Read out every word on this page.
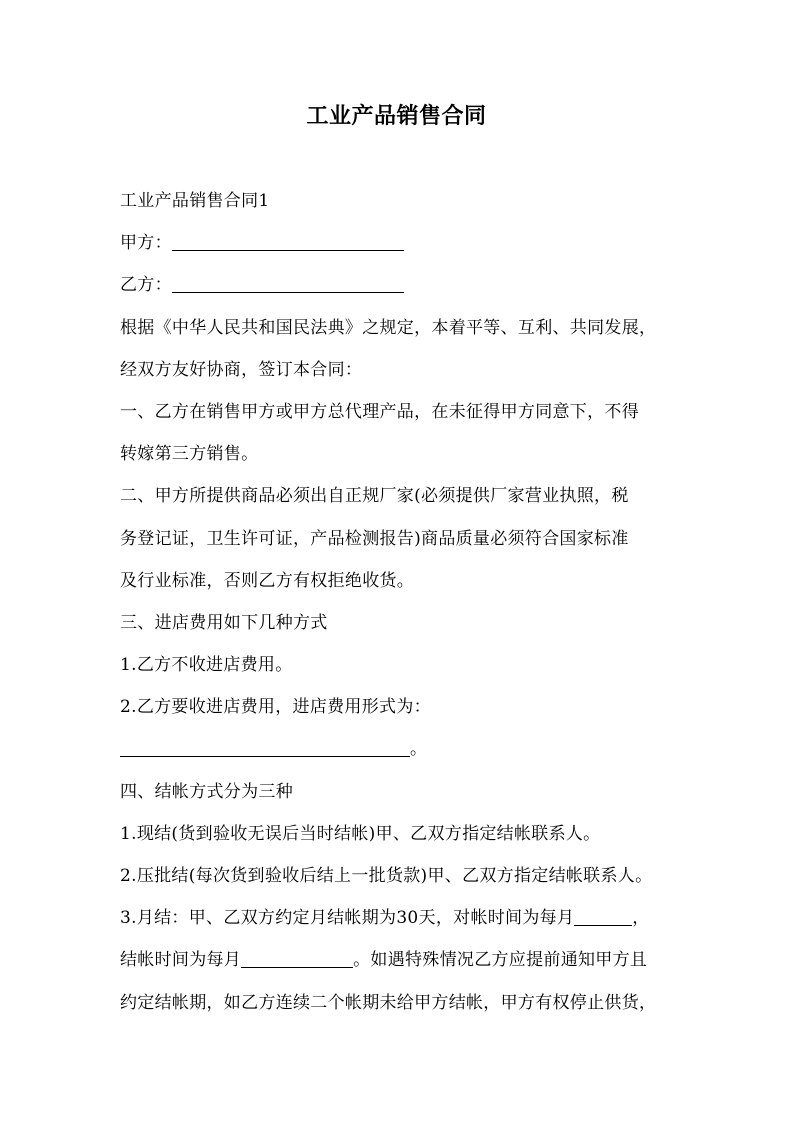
工业产品销售合同
工业产品销售合同1
甲方：
乙方：
根据《中华人民共和国民法典》之规定，本着平等、互利、共同发展，
经双方友好协商，签订本合同：
一、乙方在销售甲方或甲方总代理产品，在未征得甲方同意下，不得
转嫁第三方销售。
二、甲方所提供商品必须出自正规厂家(必须提供厂家营业执照，税
务登记证，卫生许可证，产品检测报告)商品质量必须符合国家标准
及行业标准，否则乙方有权拒绝收货。
三、进店费用如下几种方式
1.乙方不收进店费用。
2.乙方要收进店费用，进店费用形式为：
。
四、结帐方式分为三种
1.现结(货到验收无误后当时结帐)甲、乙双方指定结帐联系人。
2.压批结(每次货到验收后结上一批货款)甲、乙双方指定结帐联系人。
3.月结：甲、乙双方约定月结帐期为30天，对帐时间为每月	，
结帐时间为每月	。如遇特殊情况乙方应提前通知甲方且
约定结帐期，如乙方连续二个帐期未给甲方结帐，甲方有权停止供货，
